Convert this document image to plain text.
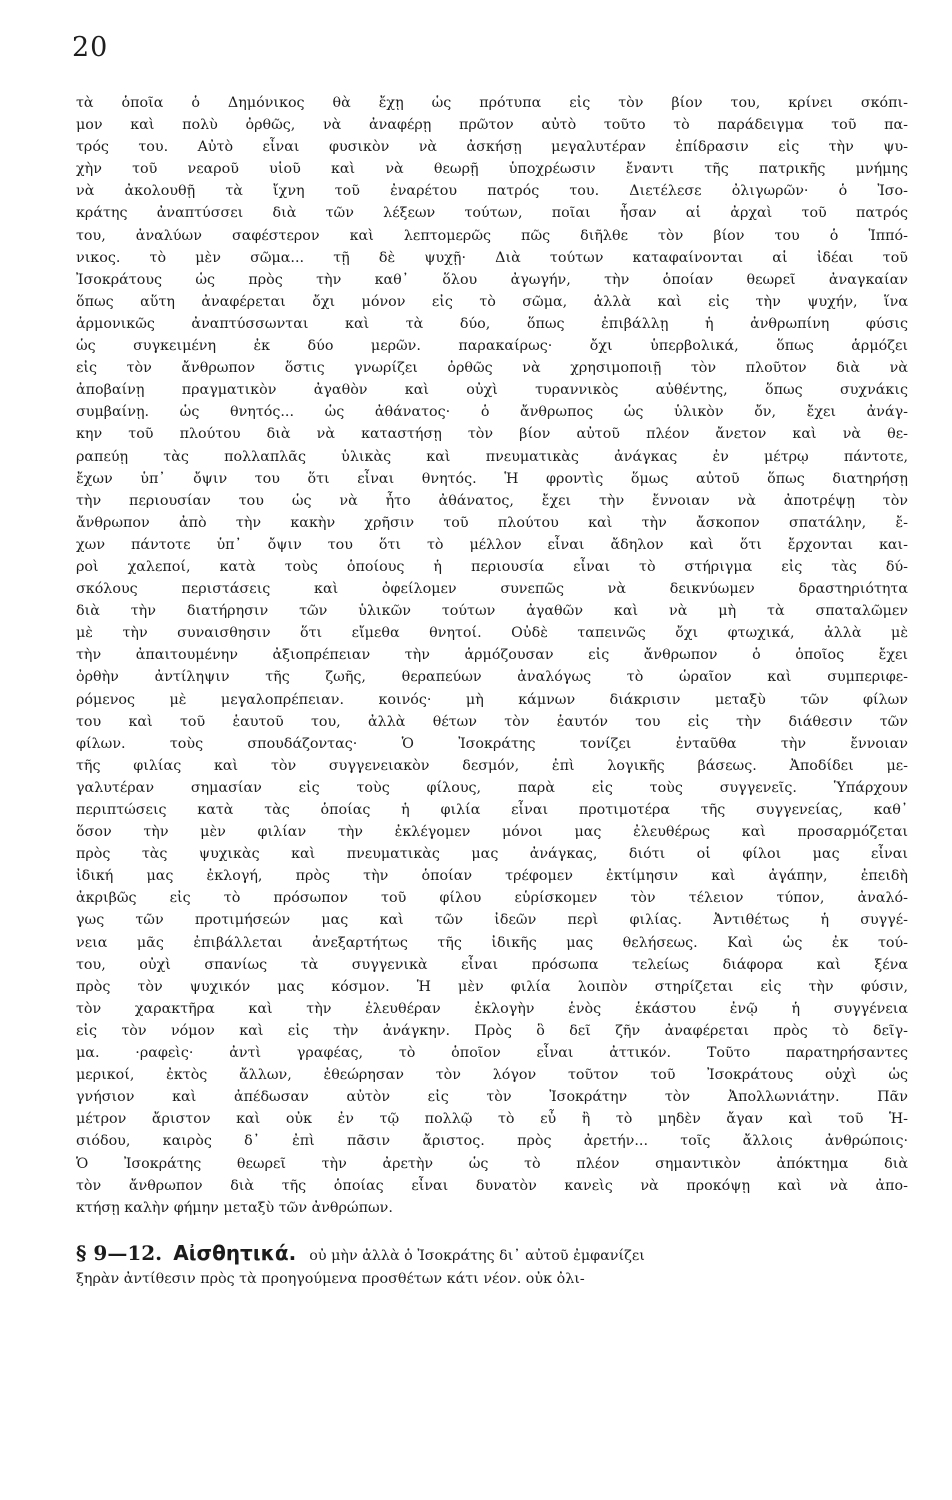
20
τὰ ὁποῖα ὁ Δημόνικος θὰ ἔχῃ ὡς πρότυπα εἰς τὸν βίον του, κρίνει σκόπι-
μον καὶ πολὺ ὀρθῶς, νὰ ἀναφέρῃ πρῶτον αὐτὸ τοῦτο τὸ παράδειγμα τοῦ πα-
τρός του. Αὐτὸ εἶναι φυσικὸν νὰ ἀσκήσῃ μεγαλυτέραν ἐπίδρασιν εἰς τὴν ψυ-
χὴν τοῦ νεαροῦ υἱοῦ καὶ νὰ θεωρῇ ὑποχρέωσιν ἔναντι τῆς πατρικῆς μνήμης
νὰ ἀκολουθῇ τὰ ἴχνη τοῦ ἐναρέτου πατρός του. Διετέλεσε ὀλιγωρῶν· ὁ Ἰσο-
κράτης ἀναπτύσσει διὰ τῶν λέξεων τούτων, ποῖαι ἦσαν αἱ ἀρχαὶ τοῦ πατρός
του, ἀναλύων σαφέστερον καὶ λεπτομερῶς πῶς διῆλθε τὸν βίον του ὁ Ἱππό-
νικος. τὸ μὲν σῶμα... τῇ δὲ ψυχῇ· Διὰ τούτων καταφαίνονται αἱ ἰδέαι τοῦ
Ἰσοκράτους ὡς πρὸς τὴν καθ᾽ ὅλου ἀγωγήν, τὴν ὁποίαν θεωρεῖ ἀναγκαίαν
ὅπως αὕτη ἀναφέρεται ὄχι μόνον εἰς τὸ σῶμα, ἀλλὰ καὶ εἰς τὴν ψυχήν, ἵνα
ἁρμονικῶς ἀναπτύσσωνται καὶ τὰ δύο, ὅπως ἐπιβάλλῃ ἡ ἀνθρωπίνη φύσις
ὡς συγκειμένη ἐκ δύο μερῶν. παρακαίρως· ὄχι ὑπερβολικά, ὅπως ἁρμόζει
εἰς τὸν ἄνθρωπον ὅστις γνωρίζει ὀρθῶς νὰ χρησιμοποιῇ τὸν πλοῦτον διὰ νὰ
ἀποβαίνῃ πραγματικὸν ἀγαθὸν καὶ οὐχὶ τυραννικὸς αὐθέντης, ὅπως συχνάκις
συμβαίνῃ. ὡς θνητός... ὡς ἀθάνατος· ὁ ἄνθρωπος ὡς ὑλικὸν ὄν, ἔχει ἀνάγ-
κην τοῦ πλούτου διὰ νὰ καταστήσῃ τὸν βίον αὐτοῦ πλέον ἄνετον καὶ νὰ θε-
ραπεύῃ τὰς πολλαπλᾶς ὑλικὰς καὶ πνευματικὰς ἀνάγκας ἐν μέτρῳ πάντοτε,
ἔχων ὑπ᾽ ὄψιν του ὅτι εἶναι θνητός. Ἡ φροντὶς ὅμως αὐτοῦ ὅπως διατηρήσῃ
τὴν περιουσίαν του ὡς νὰ ἦτο ἀθάνατος, ἔχει τὴν ἔννοιαν νὰ ἀποτρέψῃ τὸν
ἄνθρωπον ἀπὸ τὴν κακὴν χρῆσιν τοῦ πλούτου καὶ τὴν ἄσκοπον σπατάλην, ἔ-
χων πάντοτε ὑπ᾽ ὄψιν του ὅτι τὸ μέλλον εἶναι ἄδηλον καὶ ὅτι ἔρχονται και-
ροὶ χαλεποί, κατὰ τοὺς ὁποίους ἡ περιουσία εἶναι τὸ στήριγμα εἰς τὰς δύ-
σκόλους περιστάσεις καὶ ὀφείλομεν συνεπῶς νὰ δεικνύωμεν δραστηριότητα
διὰ τὴν διατήρησιν τῶν ὑλικῶν τούτων ἀγαθῶν καὶ νὰ μὴ τὰ σπαταλῶμεν
μὲ τὴν συναισθησιν ὅτι εἴμεθα θνητοί. Οὐδὲ ταπεινῶς ὄχι φτωχικά, ἀλλὰ μὲ
τὴν ἀπαιτουμένην ἀξιοπρέπειαν τὴν ἁρμόζουσαν εἰς ἄνθρωπον ὁ ὁποῖος ἔχει
ὀρθὴν ἀντίληψιν τῆς ζωῆς, θεραπεύων ἀναλόγως τὸ ὡραῖον καὶ συμπεριφε-
ρόμενος μὲ μεγαλοπρέπειαν. κοινός· μὴ κάμνων διάκρισιν μεταξὺ τῶν φίλων
του καὶ τοῦ ἑαυτοῦ του, ἀλλὰ θέτων τὸν ἑαυτόν του εἰς τὴν διάθεσιν τῶν
φίλων. τοὺς σπουδάζοντας· Ὁ Ἰσοκράτης τονίζει ἐνταῦθα τὴν ἔννοιαν
τῆς φιλίας καὶ τὸν συγγενειακὸν δεσμόν, ἐπὶ λογικῆς βάσεως. Ἀποδίδει με-
γαλυτέραν σημασίαν εἰς τοὺς φίλους, παρὰ εἰς τοὺς συγγενεῖς. Ὑπάρχουν
περιπτώσεις κατὰ τὰς ὁποίας ἡ φιλία εἶναι προτιμοτέρα τῆς συγγενείας, καθ᾽
ὅσον τὴν μὲν φιλίαν τὴν ἐκλέγομεν μόνοι μας ἐλευθέρως καὶ προσαρμόζεται
πρὸς τὰς ψυχικὰς καὶ πνευματικὰς μας ἀνάγκας, διότι οἱ φίλοι μας εἶναι
ἰδική μας ἐκλογή, πρὸς τὴν ὁποίαν τρέφομεν ἐκτίμησιν καὶ ἀγάπην, ἐπειδὴ
ἀκριβῶς εἰς τὸ πρόσωπον τοῦ φίλου εὑρίσκομεν τὸν τέλειον τύπον, ἀναλό-
γως τῶν προτιμήσεών μας καὶ τῶν ἰδεῶν περὶ φιλίας. Ἀντιθέτως ἡ συγγέ-
νεια μᾶς ἐπιβάλλεται ἀνεξαρτήτως τῆς ἰδικῆς μας θελήσεως. Καὶ ὡς ἐκ τού-
του, οὐχὶ σπανίως τὰ συγγενικὰ εἶναι πρόσωπα τελείως διάφορα καὶ ξένα
πρὸς τὸν ψυχικόν μας κόσμον. Ἡ μὲν φιλία λοιπὸν στηρίζεται εἰς τὴν φύσιν,
τὸν χαρακτῆρα καὶ τὴν ἐλευθέραν ἐκλογὴν ἑνὸς ἑκάστου ἐνῷ ἡ συγγένεια
εἰς τὸν νόμον καὶ εἰς τὴν ἀνάγκην. Πρὸς ὃ δεῖ ζῆν ἀναφέρεται πρὸς τὸ δεῖγ-
μα. ·ραφεὶς· ἀντὶ γραφέας, τὸ ὁποῖον εἶναι ἀττικόν. Τοῦτο παρατηρήσαντες
μερικοί, ἐκτὸς ἄλλων, ἐθεώρησαν τὸν λόγον τοῦτον τοῦ Ἰσοκράτους οὐχὶ ὡς
γνήσιον καὶ ἀπέδωσαν αὐτὸν εἰς τὸν Ἰσοκράτην τὸν Ἀπολλωνιάτην. Πᾶν
μέτρον ἄριστον καὶ οὐκ ἐν τῷ πολλῷ τὸ εὖ ἢ τὸ μηδὲν ἄγαν καὶ τοῦ Ἡ-
σιόδου, καιρὸς δ᾽ ἐπὶ πᾶσιν ἄριστος. πρὸς ἀρετήν... τοῖς ἄλλοις ἀνθρώποις·
Ὁ Ἰσοκράτης θεωρεῖ τὴν ἀρετὴν ὡς τὸ πλέον σημαντικὸν ἀπόκτημα διὰ
τὸν ἄνθρωπον διὰ τῆς ὁποίας εἶναι δυνατὸν κανεὶς νὰ προκόψῃ καὶ νὰ ἀπο-
κτήσῃ καλὴν φήμην μεταξὺ τῶν ἀνθρώπων.
§ 9—12. Αἰσθητικά. οὐ μὴν ἀλλὰ ὁ Ἰσοκράτης δι᾽ αὐτοῦ ἐμφανίζει
ξηρὰν ἀντίθεσιν πρὸς τὰ προηγούμενα προσθέτων κάτι νέον. οὐκ ὀλι-
